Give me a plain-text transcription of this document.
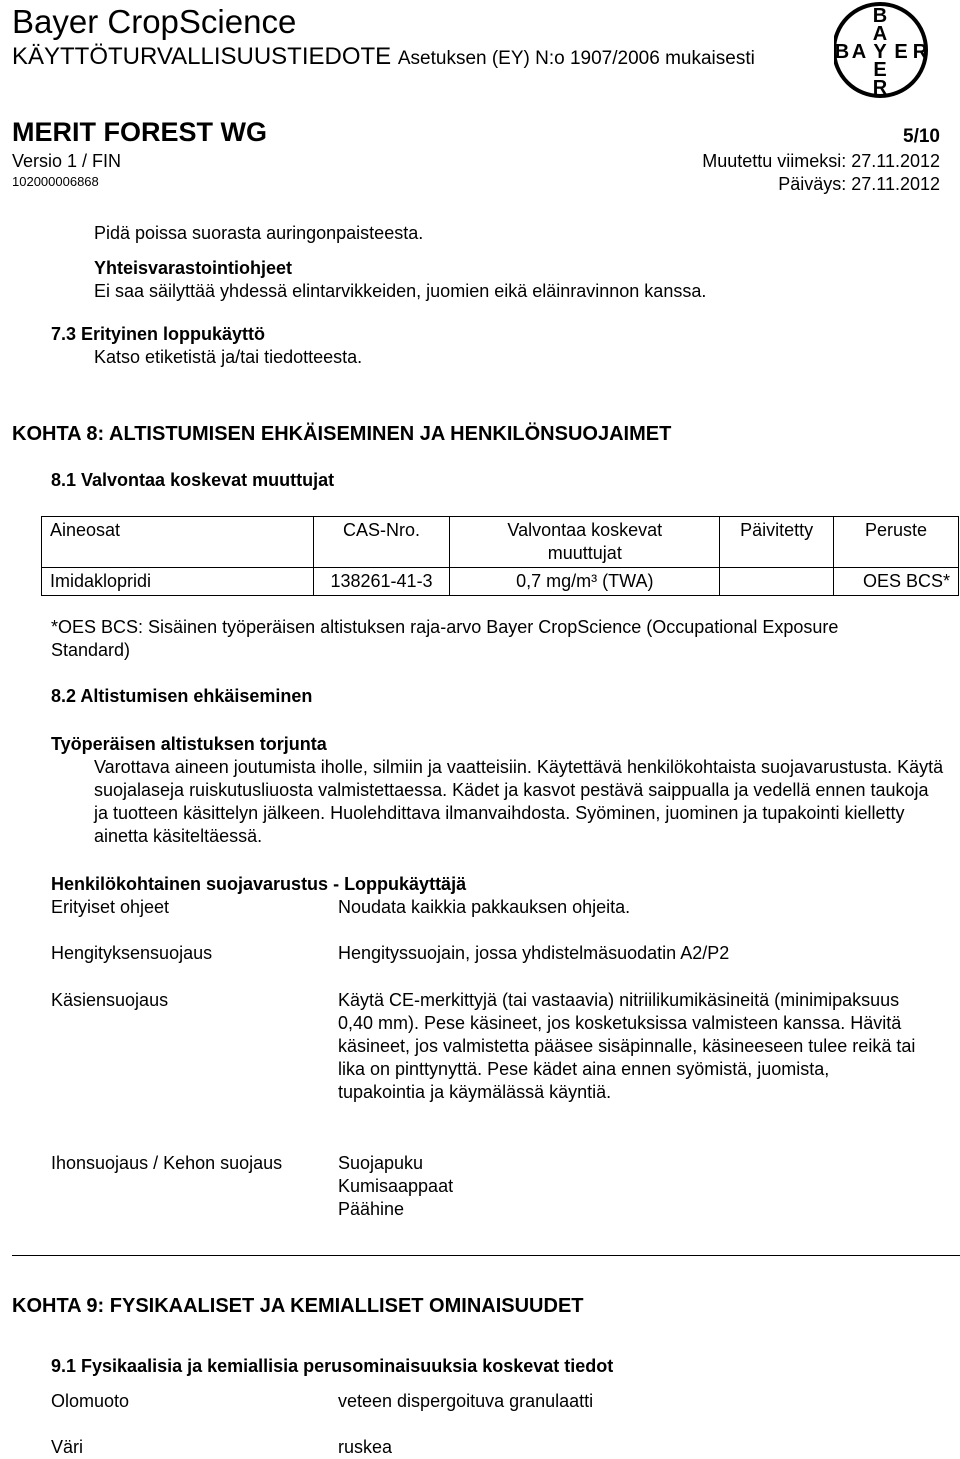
Bayer CropScience
KÄYTTÖTURVALLISUUSTIEDOTE Asetuksen (EY) N:o 1907/2006 mukaisesti
B
A
B A Y E R
E
R
MERIT FOREST WG	5/10
Versio 1 / FIN	Muutettu viimeksi: 27.11.2012
102000006868	Päiväys: 27.11.2012
Pidä poissa suorasta auringonpaisteesta.
Yhteisvarastointiohjeet
Ei saa säilyttää yhdessä elintarvikkeiden, juomien eikä eläinravinnon kanssa.
7.3 Erityinen loppukäyttö
Katso etiketistä ja/tai tiedotteesta.
KOHTA 8: ALTISTUMISEN EHKÄISEMINEN JA HENKILÖNSUOJAIMET
8.1 Valvontaa koskevat muuttujat
Aineosat	CAS-Nro.	Valvontaa koskevat muuttujat	Päivitetty	Peruste
Imidaklopridi	138261-41-3	0,7 mg/m³ (TWA)		OES BCS*
*OES BCS: Sisäinen työperäisen altistuksen raja-arvo Bayer CropScience (Occupational Exposure Standard)
8.2 Altistumisen ehkäiseminen
Työperäisen altistuksen torjunta
Varottava aineen joutumista iholle, silmiin ja vaatteisiin. Käytettävä henkilökohtaista suojavarustusta. Käytä suojalaseja ruiskutusliuosta valmistettaessa. Kädet ja kasvot pestävä saippualla ja vedellä ennen taukoja ja tuotteen käsittelyn jälkeen. Huolehdittava ilmanvaihdosta. Syöminen, juominen ja tupakointi kielletty ainetta käsiteltäessä.
Henkilökohtainen suojavarustus - Loppukäyttäjä
Erityiset ohjeet	Noudata kaikkia pakkauksen ohjeita.
Hengityksensuojaus	Hengityssuojain, jossa yhdistelmäsuodatin A2/P2
Käsiensuojaus	Käytä CE-merkittyjä (tai vastaavia) nitriilikumikäsineitä (minimipaksuus 0,40 mm). Pese käsineet, jos kosketuksissa valmisteen kanssa. Hävitä käsineet, jos valmistetta pääsee sisäpinnalle, käsineeseen tulee reikä tai lika on pinttynyttä. Pese kädet aina ennen syömistä, juomista, tupakointia ja käymälässä käyntiä.
Ihonsuojaus / Kehon suojaus	Suojapuku
Kumisaappaat
Päähine
KOHTA 9: FYSIKAALISET JA KEMIALLISET OMINAISUUDET
9.1 Fysikaalisia ja kemiallisia perusominaisuuksia koskevat tiedot
Olomuoto	veteen dispergoituva granulaatti
Väri	ruskea
